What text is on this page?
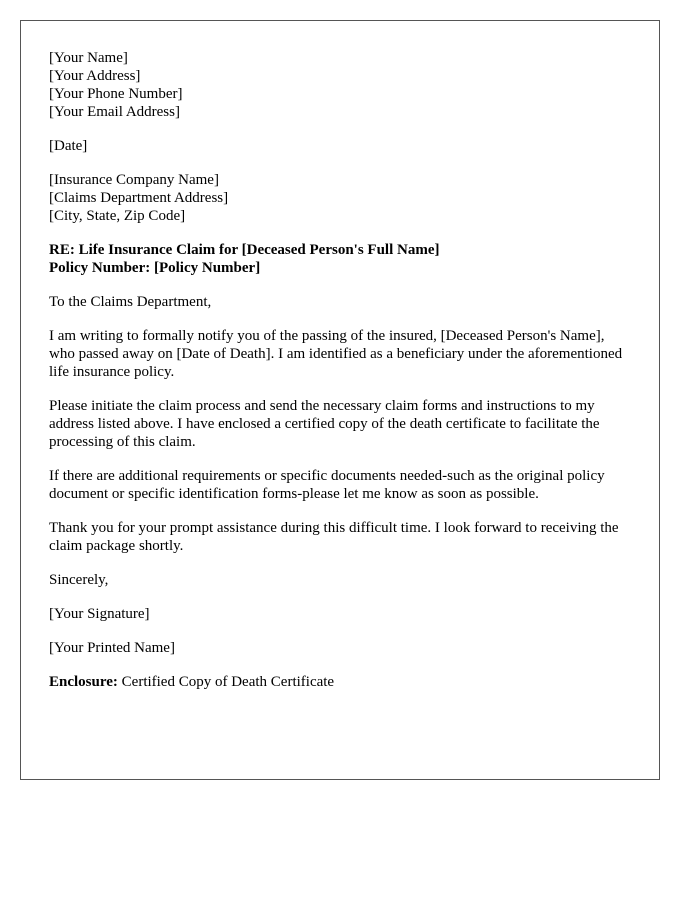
[Your Name]
[Your Address]
[Your Phone Number]
[Your Email Address]
[Date]
[Insurance Company Name]
[Claims Department Address]
[City, State, Zip Code]
RE: Life Insurance Claim for [Deceased Person's Full Name]
Policy Number: [Policy Number]

To the Claims Department,

I am writing to formally notify you of the passing of the insured, [Deceased Person's Name], who passed away on [Date of Death]. I am identified as a beneficiary under the aforementioned life insurance policy.

Please initiate the claim process and send the necessary claim forms and instructions to my address listed above. I have enclosed a certified copy of the death certificate to facilitate the processing of this claim.

If there are additional requirements or specific documents needed-such as the original policy document or specific identification forms-please let me know as soon as possible.

Thank you for your prompt assistance during this difficult time. I look forward to receiving the claim package shortly.

Sincerely,

[Your Signature]

[Your Printed Name]

Enclosure: Certified Copy of Death Certificate
